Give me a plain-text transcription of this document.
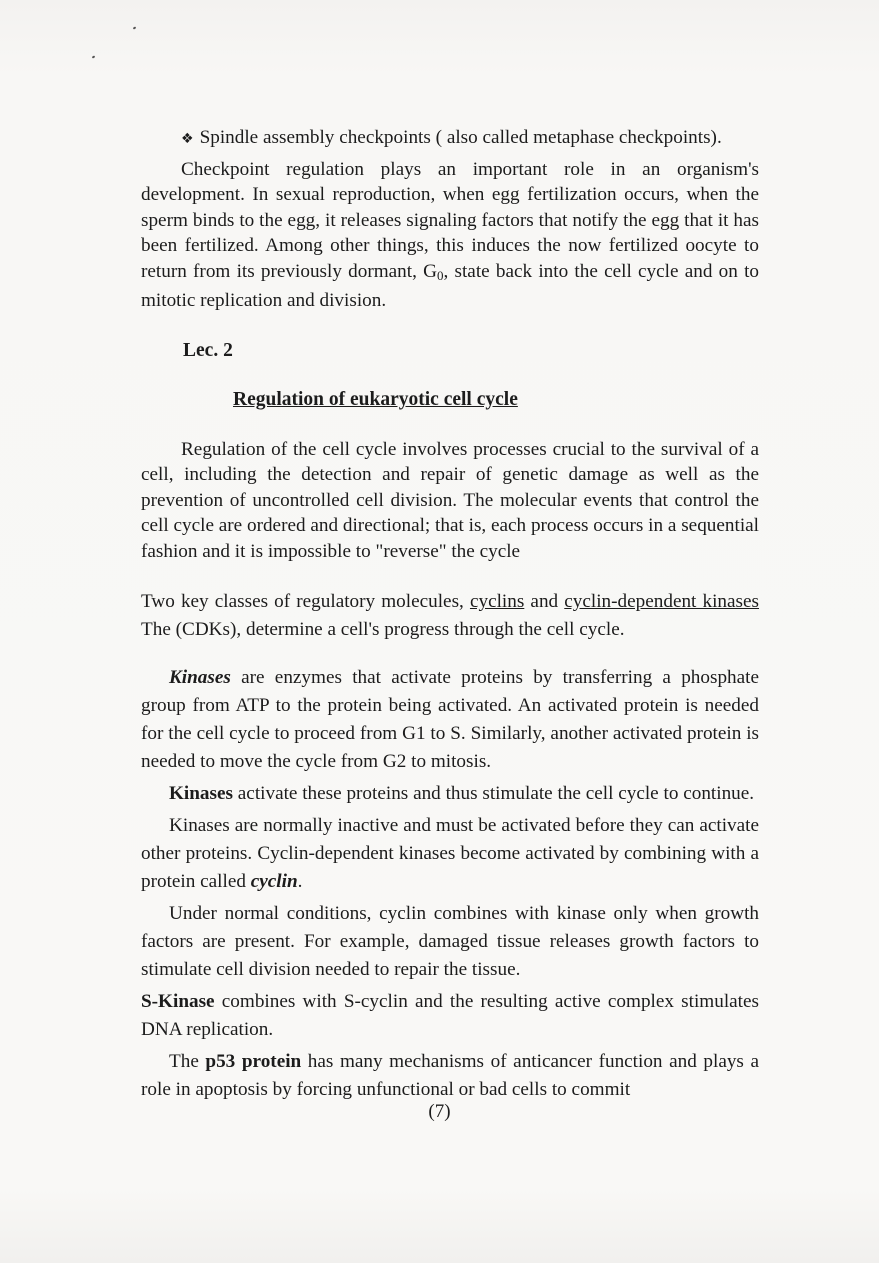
❖ Spindle assembly checkpoints ( also called metaphase checkpoints).

Checkpoint regulation plays an important role in an organism's development. In sexual reproduction, when egg fertilization occurs, when the sperm binds to the egg, it releases signaling factors that notify the egg that it has been fertilized. Among other things, this induces the now fertilized oocyte to return from its previously dormant, $G_0$, state back into the cell cycle and on to mitotic replication and division.

Lec. 2

Regulation of eukaryotic cell cycle

Regulation of the cell cycle involves processes crucial to the survival of a cell, including the detection and repair of genetic damage as well as the prevention of uncontrolled cell division. The molecular events that control the cell cycle are ordered and directional; that is, each process occurs in a sequential fashion and it is impossible to "reverse" the cycle

Two key classes of regulatory molecules, cyclins and cyclin-dependent kinases The (CDKs), determine a cell's progress through the cell cycle.

Kinases are enzymes that activate proteins by transferring a phosphate group from ATP to the protein being activated. An activated protein is needed for the cell cycle to proceed from G1 to S. Similarly, another activated protein is needed to move the cycle from G2 to mitosis.

Kinases activate these proteins and thus stimulate the cell cycle to continue.

Kinases are normally inactive and must be activated before they can activate other proteins. Cyclin-dependent kinases become activated by combining with a protein called cyclin.

Under normal conditions, cyclin combines with kinase only when growth factors are present. For example, damaged tissue releases growth factors to stimulate cell division needed to repair the tissue.

S-Kinase combines with S-cyclin and the resulting active complex stimulates DNA replication.

The p53 protein has many mechanisms of anticancer function and plays a role in apoptosis by forcing unfunctional or bad cells to commit

(7)
